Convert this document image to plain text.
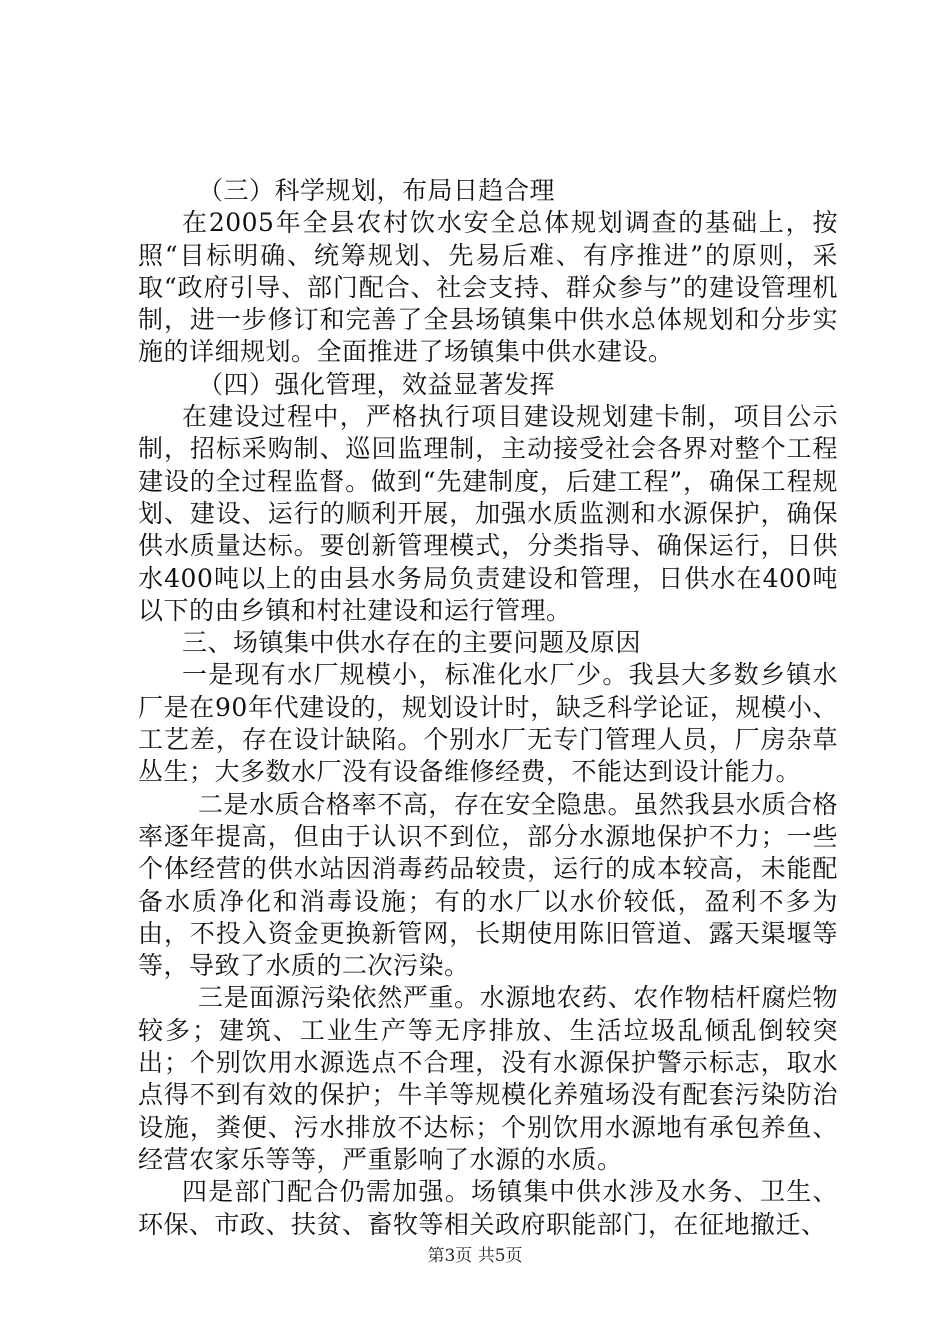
（三）科学规划，布局日趋合理

在2005年全县农村饮水安全总体规划调查的基础上，按照“目标明确、统筹规划、先易后难、有序推进”的原则，采取“政府引导、部门配合、社会支持、群众参与”的建设管理机制，进一步修订和完善了全县场镇集中供水总体规划和分步实施的详细规划。全面推进了场镇集中供水建设。

（四）强化管理，效益显著发挥

在建设过程中，严格执行项目建设规划建卡制，项目公示制，招标采购制、巡回监理制，主动接受社会各界对整个工程建设的全过程监督。做到“先建制度，后建工程”，确保工程规划、建设、运行的顺利开展，加强水质监测和水源保护，确保供水质量达标。要创新管理模式，分类指导、确保运行，日供水400吨以上的由县水务局负责建设和管理，日供水在400吨以下的由乡镇和村社建设和运行管理。

三、场镇集中供水存在的主要问题及原因

一是现有水厂规模小，标准化水厂少。我县大多数乡镇水厂是在90年代建设的，规划设计时，缺乏科学论证，规模小、工艺差，存在设计缺陷。个别水厂无专门管理人员，厂房杂草丛生；大多数水厂没有设备维修经费，不能达到设计能力。

二是水质合格率不高，存在安全隐患。虽然我县水质合格率逐年提高，但由于认识不到位，部分水源地保护不力；一些个体经营的供水站因消毒药品较贵，运行的成本较高，未能配备水质净化和消毒设施；有的水厂以水价较低，盈利不多为由，不投入资金更换新管网，长期使用陈旧管道、露天渠堰等等，导致了水质的二次污染。

三是面源污染依然严重。水源地农药、农作物桔杆腐烂物较多；建筑、工业生产等无序排放、生活垃圾乱倾乱倒较突出；个别饮用水源选点不合理，没有水源保护警示标志，取水点得不到有效的保护；牛羊等规模化养殖场没有配套污染防治设施，粪便、污水排放不达标；个别饮用水源地有承包养鱼、经营农家乐等等，严重影响了水源的水质。

四是部门配合仍需加强。场镇集中供水涉及水务、卫生、环保、市政、扶贫、畜牧等相关政府职能部门，在征地撤迁、

第3页 共5页
